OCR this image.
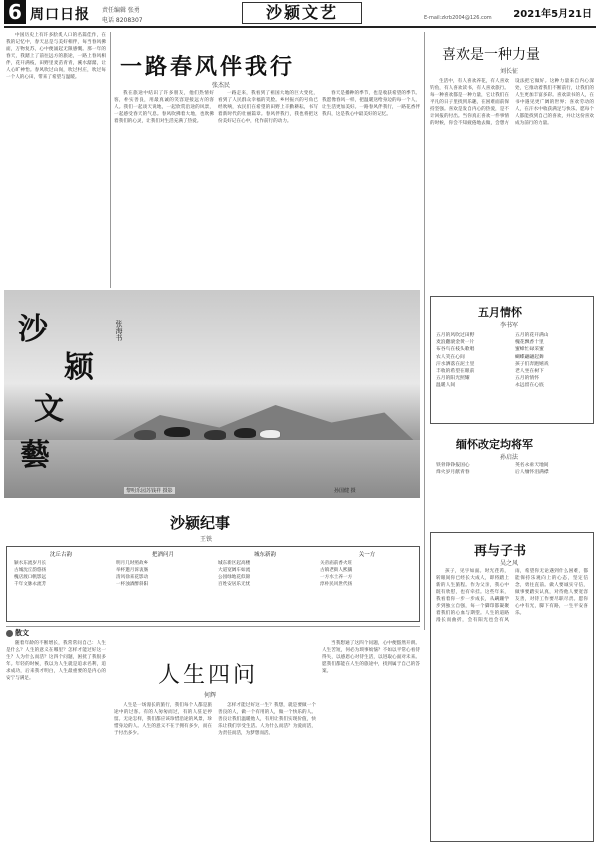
6 周口日报 责任编辑 张勇
电话 8208307	沙颍文艺	E-mail:zkrb2004@126.com 2021年5月21日
一路春风伴我行
张杰民

中国历史上有许多脍炙人口的名篇佳作，在我的记忆中，春天总是与美好相伴，每当春风拂面，万物复苏，心中便涌起无限感慨。那一年的春天，我踏上了前往远方的旅途，一路上春风相伴，花开满枝，田野里麦苗青青，溪水潺潺，让人心旷神怡。春风吹过山岗，吹过村庄，吹过每一个人的心田，带来了希望与温暖。

我在旅途中结识了许多朋友，他们热情好客，朴实善良，用最真诚的笑容迎接远方的客人。我们一起谈天说地，一起欣赏沿途的风景，一起感受春天的气息。春风吹拂着大地，也吹拂着我们的心灵，让我们对生活充满了热爱。

一路走来，我看到了祖国大地的巨大变化，看到了人民群众幸福的笑脸。乡村振兴的号角已经吹响，农民们在希望的田野上辛勤耕耘，书写着新时代的壮丽篇章。春风伴我行，我也将把这份美好记在心中，化作前行的动力。

春天是播种的季节，也是收获希望的季节。我愿像春风一样，把温暖送给身边的每一个人，让生活更加美好。一路春风伴我行，一路花香伴我归，这是我心中最美好的记忆。

沙
颍
文
藝
张海书
黎明乐园苏钱祥 摄影	孙国健 摄
喜欢是一种力量
刘长征

生活中，有人喜欢养花，有人喜欢钓鱼，有人喜欢读书，有人喜欢旅行。每一种喜欢都是一种力量，它让我们在平凡的日子里找到乐趣，在困难面前保持坚强。喜欢是发自内心的热爱，是不计回报的付出。当你真正喜欢一件事情的时候，你会不知疲倦地去做，会想方设法把它做好。这种力量来自内心深处，它推动着我们不断前行，让我们的人生更加丰富多彩。喜欢读书的人，在书中遇见更广阔的世界；喜欢劳动的人，在汗水中收获满足与快乐。愿每个人都能找到自己的喜欢，并让这份喜欢成为前行的力量。

五月情怀
李书军
五月的风吹过田野	五月的花开满山
麦浪翻滚金黄一片	槐花飘香十里
布谷鸟在枝头歌唱	蜜蜂忙碌采蜜
农人笑在心间	蝴蝶翩翩起舞
汗水洒落在泥土里	孩子们奔跑嬉戏
丰收的希望在眼前	老人坐在树下
五月的阳光照耀	五月的情怀
温暖人间	永远留在心底
缅怀改定均将军
孙启法
铁骨铮铮报国心	英名永垂天地间
烽火岁月献青春	后人缅怀泪满襟
再与子书
吴之风

孩子，见字如面。时光荏苒，转眼间你已经长大成人，即将踏上新的人生旅程。作为父亲，我心中既有欣慰，也有牵挂。这些年来，我看着你一步一步成长，从蹒跚学步到独立自强，每一个脚印都凝聚着我们的心血与期望。人生的道路漫长而曲折，会有阳光也会有风雨，希望你无论遇到什么困难，都能保持乐观向上的心态，坚定信念，勇往直前。做人要诚实守信，做事要踏实认真，对待他人要宽容友善，对待工作要尽职尽责。愿你心中有光，脚下有路，一生平安喜乐。

沙颍纪事
王铁
沈丘古韵
颍水东流岁月长
古城沈丘韵悠扬
槐店渡口帆影远
千年文脉永流芳
把酒问月
明月几时照故乡
举杯邀月诉衷肠
清风徐来花影动
一杯浊酒醉斜阳
城东新韵
城东新区起高楼
大道宽阔车如流
公园绿地花似锦
百姓安居乐无忧
关一方
关帝庙前香火旺
古镇老街人熙攘
一方水土养一方
淳朴民风世代扬
散文
人生四问
何辉

随着年龄的不断增长，我常常问自己：人生是什么？人生的意义在哪里？怎样才能过好这一生？人为什么而活？这四个问题，困扰了我很多年。年轻的时候，我以为人生就是追求名利，追求成功，后来我才明白，人生最重要的是内心的安宁与满足。

人生是一场漫长的旅行，我们每个人都是旅途中的过客。有的人匆匆而过，有的人驻足停留。无论怎样，我们都应该珍惜沿途的风景，珍惜身边的人。人生的意义不在于拥有多少，而在于付出多少。

怎样才能过好这一生？我想，就是要做一个善良的人，做一个有用的人，做一个快乐的人。善良让我们温暖他人，有用让我们实现价值，快乐让我们享受生活。人为什么而活？为爱而活，为责任而活，为梦想而活。

当我想通了这四个问题，心中便豁然开朗。人生苦短，何必为琐事烦恼？不如以平常心看待得失，以感恩心对待生活，以进取心面对未来。愿我们都能在人生的旅途中，找到属于自己的答案。
